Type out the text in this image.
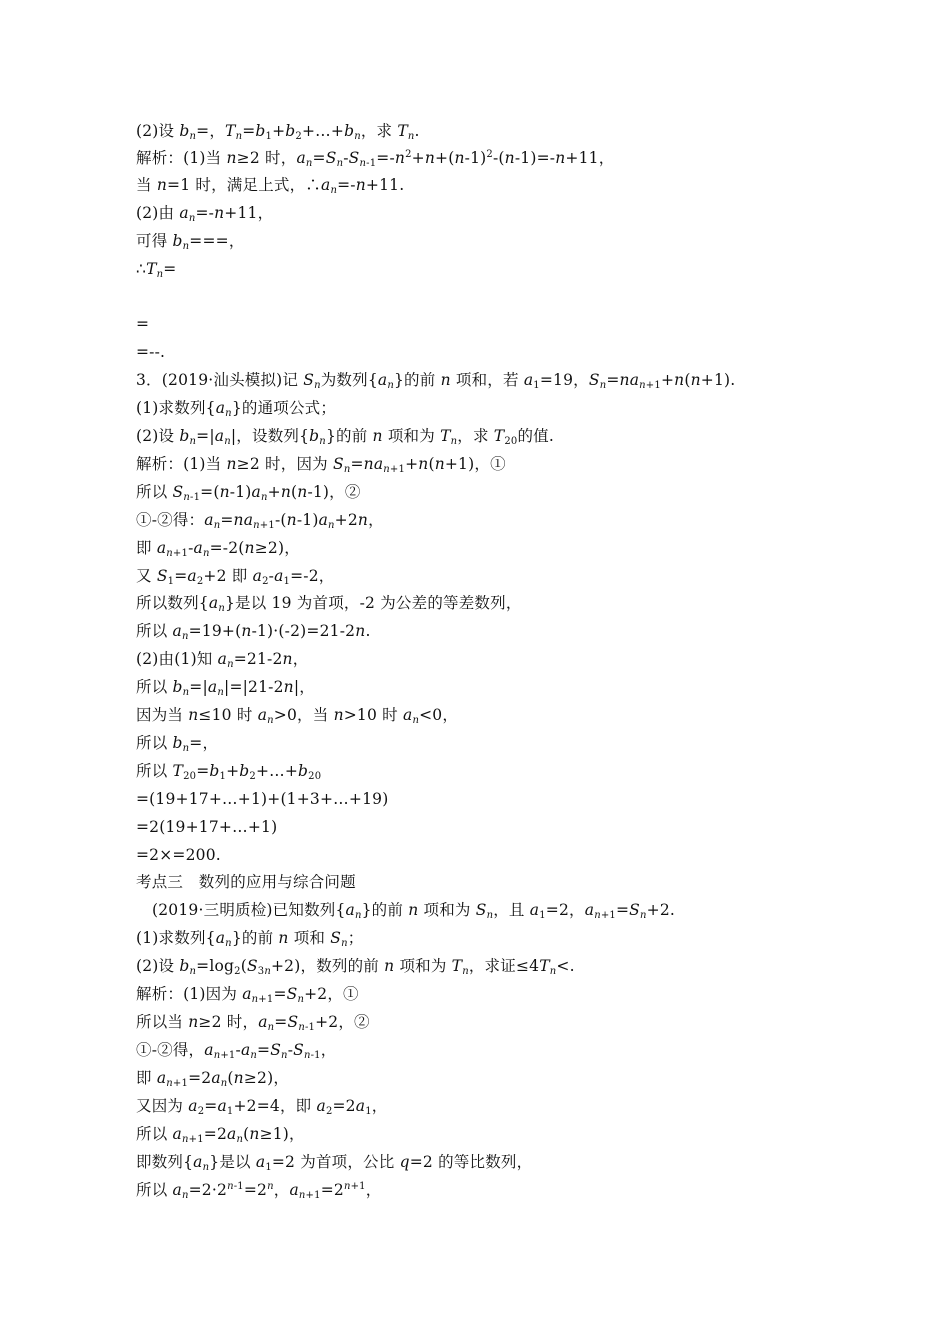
(2)设 $b_n=$，$T_n=b_1+b_2+\dots+b_n$，求 $T_n$.
解析：(1)当 n≥2 时，$a_n=S_n-S_{n-1}=-n^2+n+(n-1)^2-(n-1)=-n+11$，
当 n=1 时，满足上式，$\therefore a_n=-n+11$.
(2)由 $a_n=-n+11$，
可得 $b_n===$，
$\therefore T_n=$
=
=--.
3．(2019·汕头模拟)记 $S_n$为数列$\{a_n\}$的前 n 项和，若 $a_1=19$，$S_n=na_{n+1}+n(n+1)$.
(1)求数列$\{a_n\}$的通项公式；
(2)设 $b_n=|a_n|$，设数列$\{b_n\}$的前 n 项和为 $T_n$，求 $T_{20}$的值.
解析：(1)当 n≥2 时，因为 $S_n=na_{n+1}+n(n+1)$，①
所以 $S_{n-1}=(n-1)a_n+n(n-1)$，②
①-②得：$a_n=na_{n+1}-(n-1)a_n+2n$，
即 $a_{n+1}-a_n=-2(n\ge 2)$，
又 $S_1=a_2+2$ 即 $a_2-a_1=-2$，
所以数列$\{a_n\}$是以 19 为首项，-2 为公差的等差数列，
所以 $a_n=19+(n-1)\cdot(-2)=21-2n$.
(2)由(1)知 $a_n=21-2n$，
所以 $b_n=|a_n|=|21-2n|$，
因为当 n≤10 时 $a_n>0$，当 n>10 时 $a_n<0$，
所以 $b_n=$，
所以 $T_{20}=b_1+b_2+\dots+b_{20}$
=(19+17+…+1)+(1+3+…+19)
=2(19+17+…+1)
=2×=200.
考点三　数列的应用与综合问题
(2019·三明质检)已知数列$\{a_n\}$的前 n 项和为 $S_n$，且 $a_1=2$，$a_{n+1}=S_n+2$.
(1)求数列$\{a_n\}$的前 n 项和 $S_n$；
(2)设 $b_n=\log_2(S_{3n}+2)$，数列的前 n 项和为 $T_n$，求证$\le 4T_n<$.
解析：(1)因为 $a_{n+1}=S_n+2$，①
所以当 n≥2 时，$a_n=S_{n-1}+2$，②
①-②得，$a_{n+1}-a_n=S_n-S_{n-1}$，
即 $a_{n+1}=2a_n(n\ge 2)$，
又因为 $a_2=a_1+2=4$，即 $a_2=2a_1$，
所以 $a_{n+1}=2a_n(n\ge 1)$，
即数列$\{a_n\}$是以 $a_1=2$ 为首项，公比 q=2 的等比数列，
所以 $a_n=2\cdot 2^{n-1}=2^n$，$a_{n+1}=2^{n+1}$，
